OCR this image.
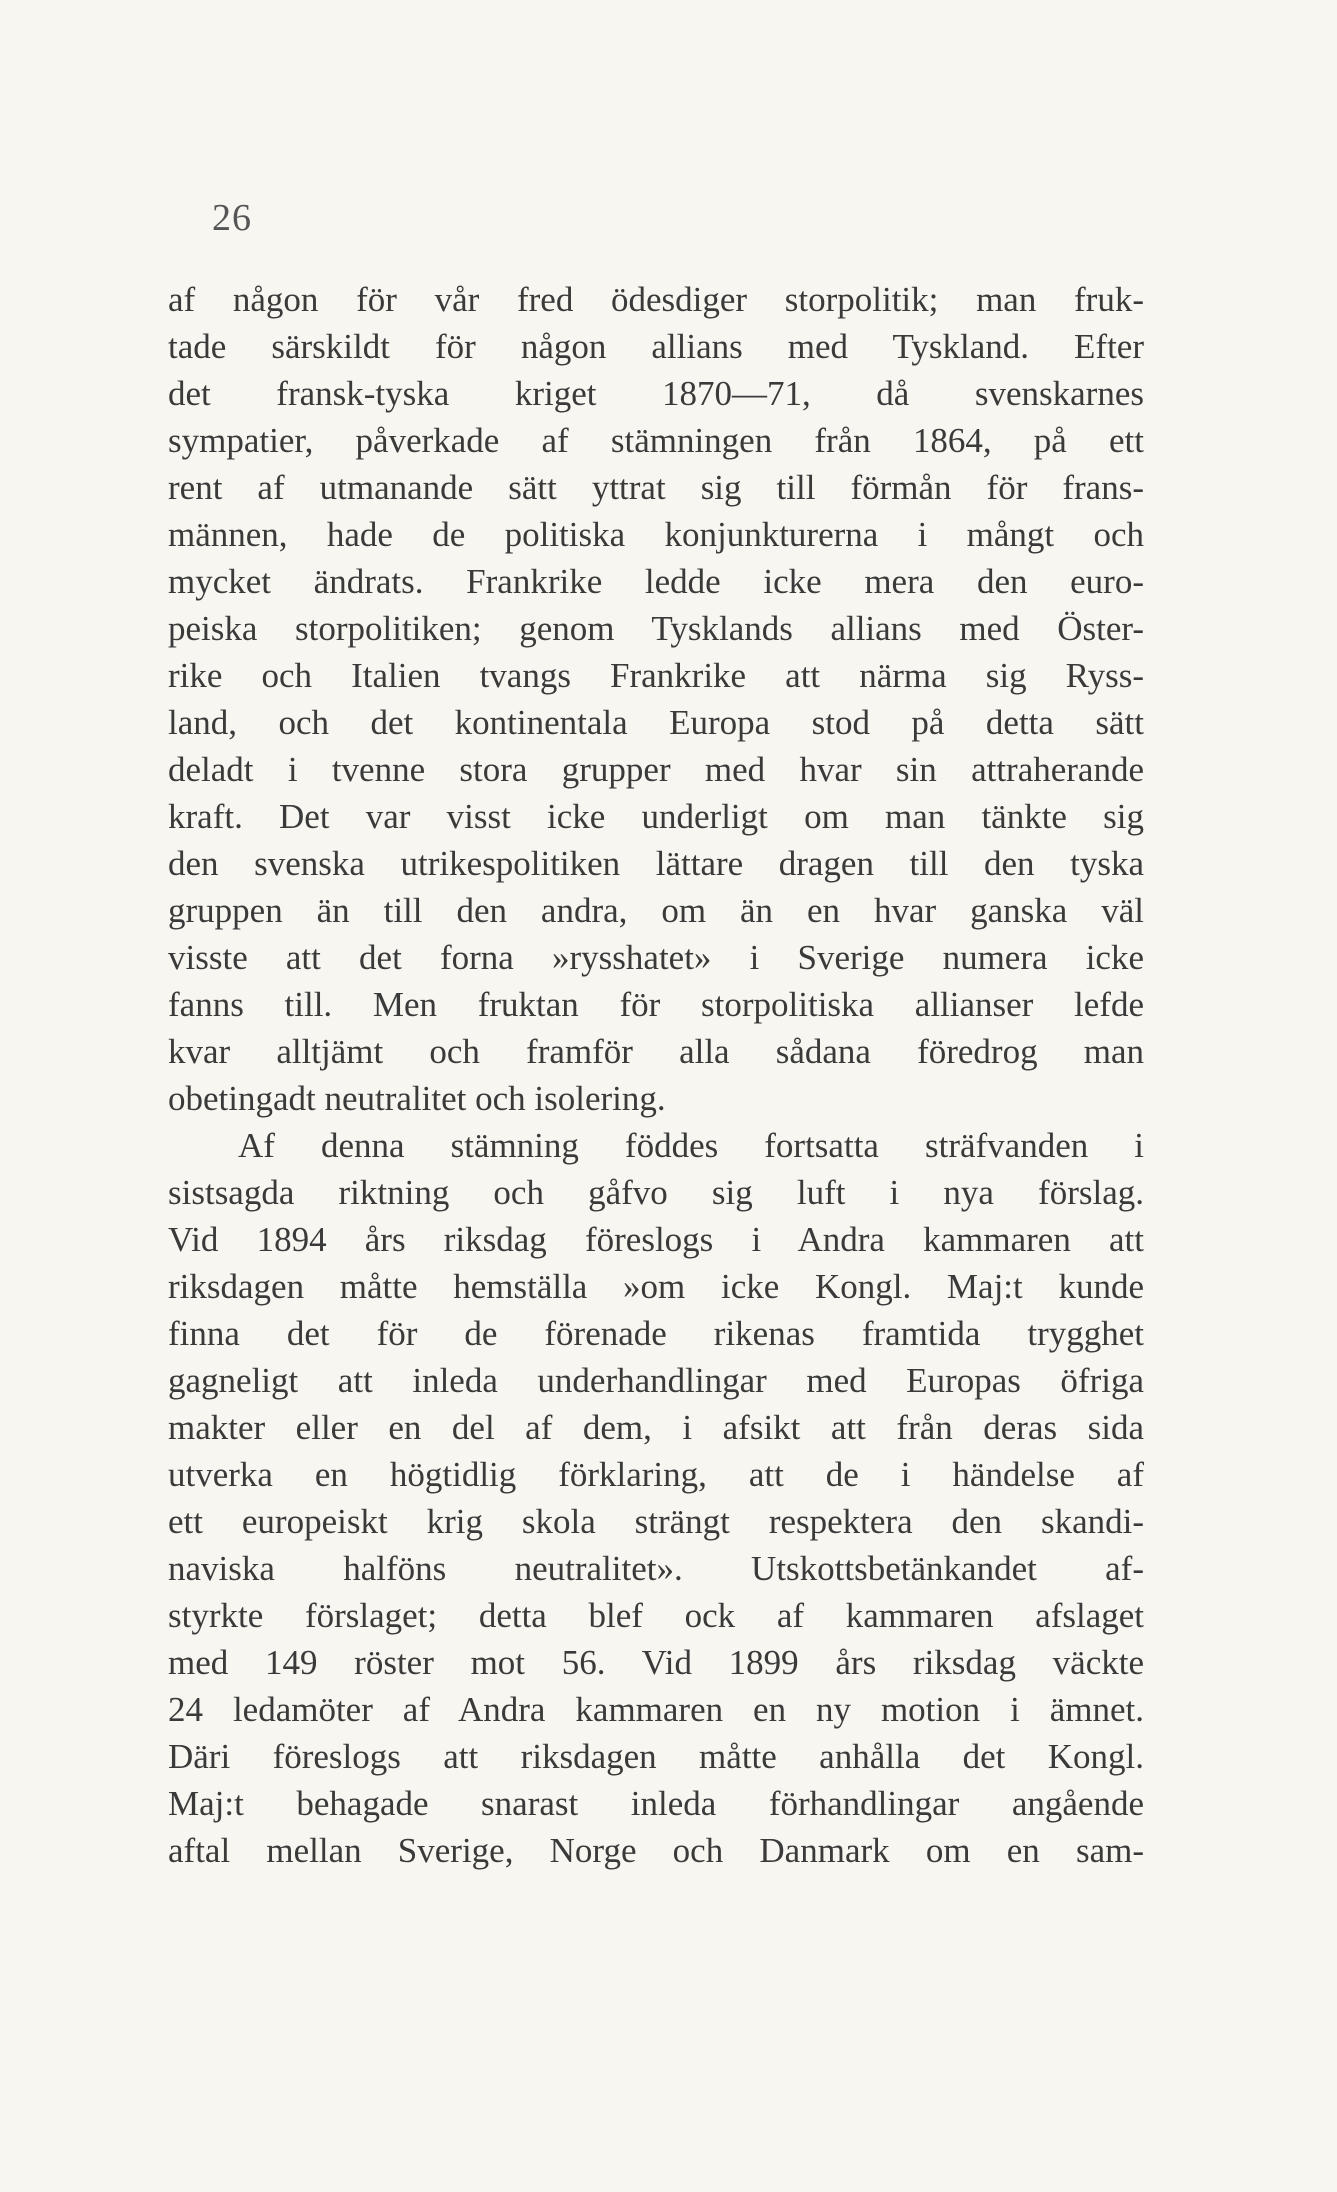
26
af någon för vår fred ödesdiger storpolitik; man fruk-
tade särskildt för någon allians med Tyskland. Efter
det fransk-tyska kriget 1870—71, då svenskarnes
sympatier, påverkade af stämningen från 1864, på ett
rent af utmanande sätt yttrat sig till förmån för frans-
männen, hade de politiska konjunkturerna i mångt och
mycket ändrats. Frankrike ledde icke mera den euro-
peiska storpolitiken; genom Tysklands allians med Öster-
rike och Italien tvangs Frankrike att närma sig Ryss-
land, och det kontinentala Europa stod på detta sätt
deladt i tvenne stora grupper med hvar sin attraherande
kraft. Det var visst icke underligt om man tänkte sig
den svenska utrikespolitiken lättare dragen till den tyska
gruppen än till den andra, om än en hvar ganska väl
visste att det forna »rysshatet» i Sverige numera icke
fanns till. Men fruktan för storpolitiska allianser lefde
kvar alltjämt och framför alla sådana föredrog man
obetingadt neutralitet och isolering.
Af denna stämning föddes fortsatta sträfvanden i
sistsagda riktning och gåfvo sig luft i nya förslag.
Vid 1894 års riksdag föreslogs i Andra kammaren att
riksdagen måtte hemställa »om icke Kongl. Maj:t kunde
finna det för de förenade rikenas framtida trygghet
gagneligt att inleda underhandlingar med Europas öfriga
makter eller en del af dem, i afsikt att från deras sida
utverka en högtidlig förklaring, att de i händelse af
ett europeiskt krig skola strängt respektera den skandi-
naviska halföns neutralitet». Utskottsbetänkandet af-
styrkte förslaget; detta blef ock af kammaren afslaget
med 149 röster mot 56. Vid 1899 års riksdag väckte
24 ledamöter af Andra kammaren en ny motion i ämnet.
Däri föreslogs att riksdagen måtte anhålla det Kongl.
Maj:t behagade snarast inleda förhandlingar angående
aftal mellan Sverige, Norge och Danmark om en sam-
